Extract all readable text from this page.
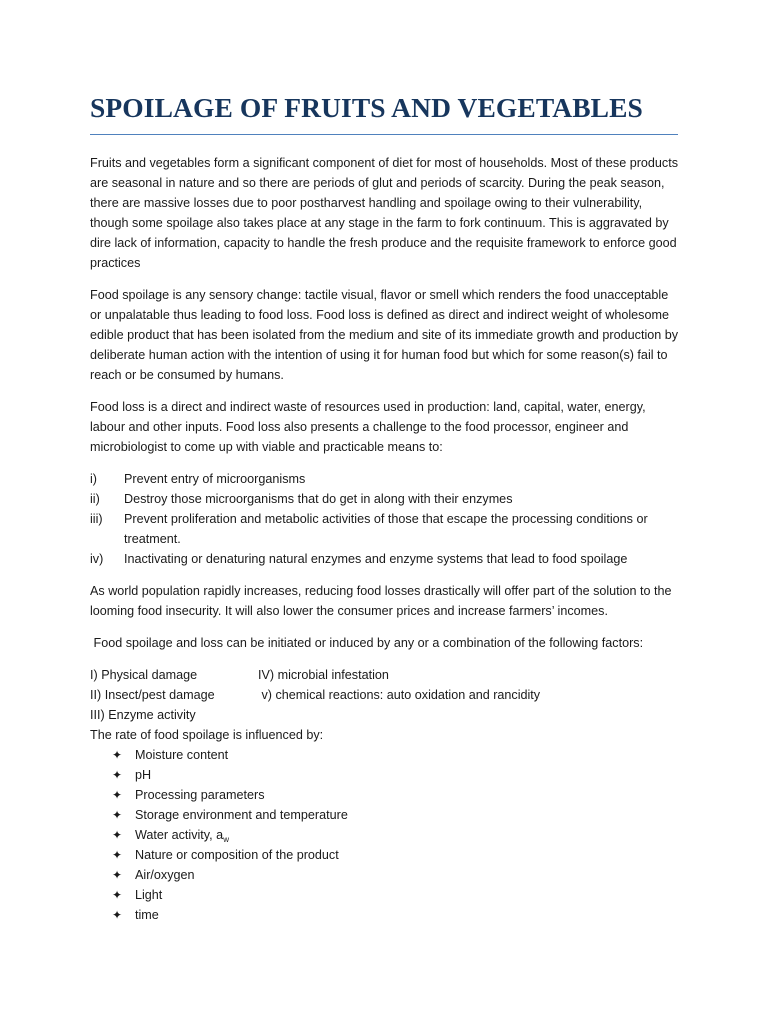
SPOILAGE OF FRUITS AND VEGETABLES

Fruits and vegetables form a significant component of diet for most of households. Most of these products are seasonal in nature and so there are periods of glut and periods of scarcity. During the peak season, there are massive losses due to poor postharvest handling and spoilage owing to their vulnerability, though some spoilage also takes place at any stage in the farm to fork continuum. This is aggravated by dire lack of information, capacity to handle the fresh produce and the requisite framework to enforce good practices

Food spoilage is any sensory change: tactile visual, flavor or smell which renders the food unacceptable or unpalatable thus leading to food loss. Food loss is defined as direct and indirect weight of wholesome edible product that has been isolated from the medium and site of its immediate growth and production by deliberate human action with the intention of using it for human food but which for some reason(s) fail to reach or be consumed by humans.

Food loss is a direct and indirect waste of resources used in production: land, capital, water, energy, labour and other inputs. Food loss also presents a challenge to the food processor, engineer and microbiologist to come up with viable and practicable means to:

i) Prevent entry of microorganisms
ii) Destroy those microorganisms that do get in along with their enzymes
iii) Prevent proliferation and metabolic activities of those that escape the processing conditions or treatment.
iv) Inactivating or denaturing natural enzymes and enzyme systems that lead to food spoilage

As world population rapidly increases, reducing food losses drastically will offer part of the solution to the looming food insecurity. It will also lower the consumer prices and increase farmers’ incomes.

Food spoilage and loss can be initiated or induced by any or a combination of the following factors:

I) Physical damage	IV) microbial infestation
II) Insect/pest damage	v) chemical reactions: auto oxidation and rancidity
III) Enzyme activity

The rate of food spoilage is influenced by:

✦ Moisture content
✦ pH
✦ Processing parameters
✦ Storage environment and temperature
✦ Water activity, $a_w$
✦ Nature or composition of the product
✦ Air/oxygen
✦ Light
✦ time
